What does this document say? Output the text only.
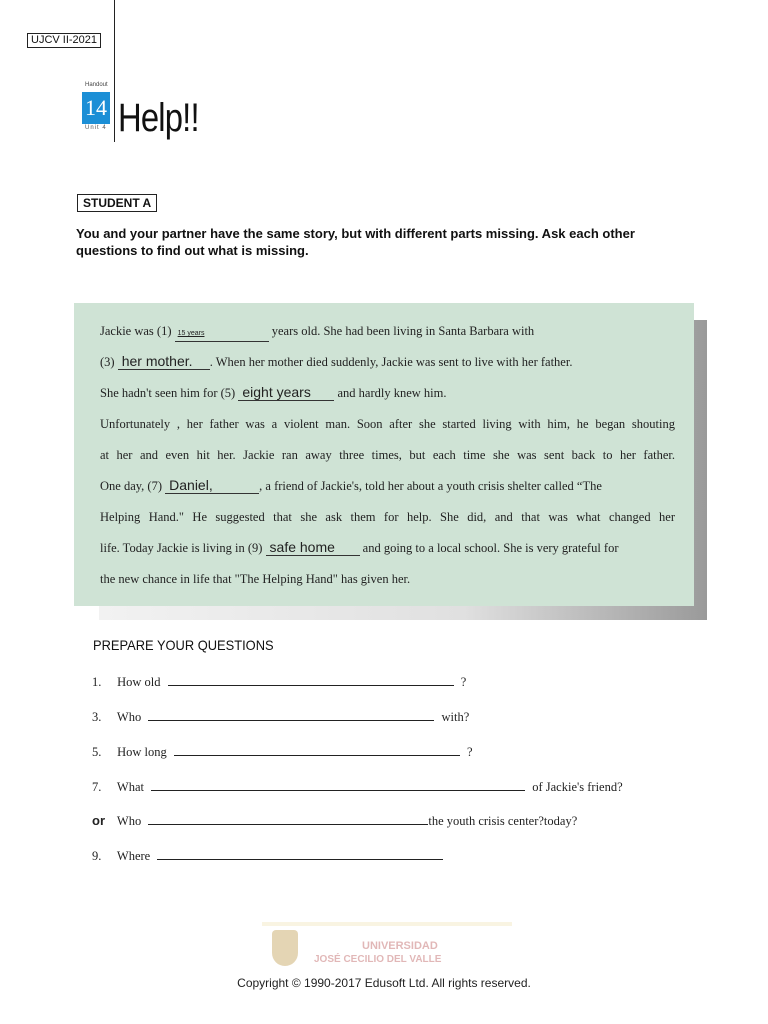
UJCV II-2021
Handout
14
Unit 4 Help!!
STUDENT A
You and your partner have the same story, but with different parts missing. Ask each other questions to find out what is missing.
Jackie was (1) 15 years	years old. She had been living in Santa Barbara with
(3) her mother. . When her mother died suddenly, Jackie was sent to live with her father.
She hadn't seen him for (5) eight years and hardly knew him.
Unfortunately , her father was a violent man. Soon after she started living with him, he began shouting
at her and even hit her. Jackie ran away three times, but each time she was sent back to her father.
One day, (7) Daniel,	, a friend of Jackie's, told her about a youth crisis shelter called “The
Helping Hand." He suggested that she ask them for help. She did, and that was what changed her
life. Today Jackie is living in (9) safe home and going to a local school. She is very grateful for
the new chance in life that "The Helping Hand" has given her.
PREPARE YOUR QUESTIONS
1. How old	?
3. Who	with?
5. How long	?
7. What	of Jackie's friend?
or Who	the youth crisis center?today?
9. Where
UNIVERSIDAD
JOSÉ CECILIO DEL VALLE
Copyright © 1990-2017 Edusoft Ltd. All rights reserved.
